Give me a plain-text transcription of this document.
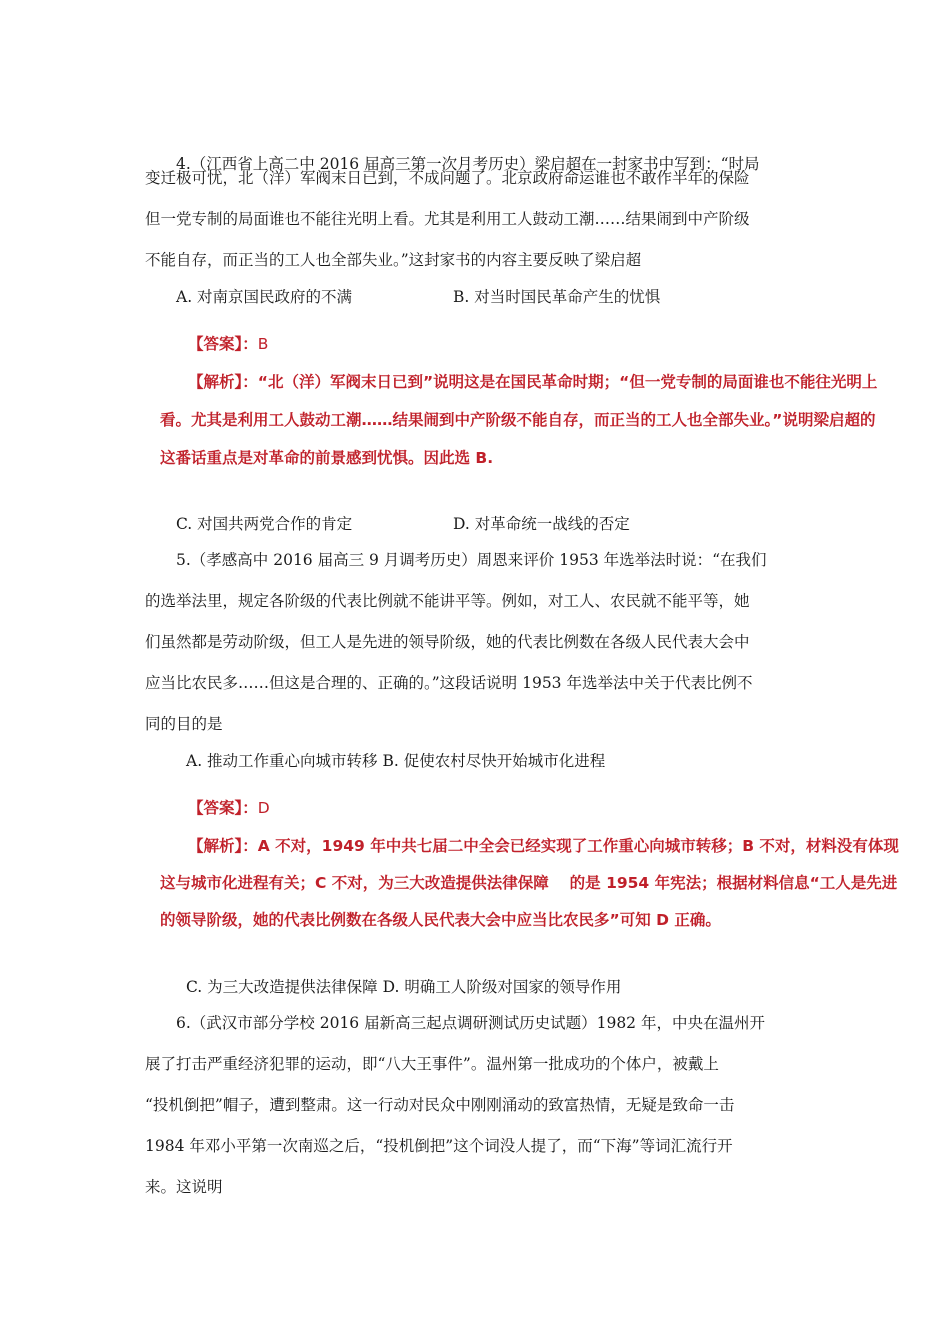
4.（江西省上高二中 2016 届高三第一次月考历史）梁启超在一封家书中写到：“时局
变迁极可忧，北（洋）军阀末日已到，不成问题了。北京政府命运谁也不敢作半年的保险
但一党专制的局面谁也不能往光明上看。尤其是利用工人鼓动工潮……结果闹到中产阶级
不能自存，而正当的工人也全部失业。”这封家书的内容主要反映了梁启超
A. 对南京国民政府的不满	B. 对当时国民革命产生的忧惧
【答案】：B
【解析】：“北（洋）军阀末日已到”说明这是在国民革命时期；“但一党专制的局面谁也不能往光明上
看。尤其是利用工人鼓动工潮……结果闹到中产阶级不能自存，而正当的工人也全部失业。”说明梁启超的
这番话重点是对革命的前景感到忧惧。因此选 B.
C. 对国共两党合作的肯定	D. 对革命统一战线的否定
5.（孝感高中 2016 届高三 9 月调考历史）周恩来评价 1953 年选举法时说：“在我们
的选举法里，规定各阶级的代表比例就不能讲平等。例如，对工人、农民就不能平等，她
们虽然都是劳动阶级，但工人是先进的领导阶级，她的代表比例数在各级人民代表大会中
应当比农民多……但这是合理的、正确的。”这段话说明 1953 年选举法中关于代表比例不
同的目的是
A. 推动工作重心向城市转移 B. 促使农村尽快开始城市化进程
【答案】：D
【解析】：A 不对，1949 年中共七届二中全会已经实现了工作重心向城市转移；B 不对，材料没有体现
这与城市化进程有关；C 不对，为三大改造提供法律保障　 的是 1954 年宪法；根据材料信息“工人是先进
的领导阶级，她的代表比例数在各级人民代表大会中应当比农民多”可知 D 正确。
C. 为三大改造提供法律保障 D. 明确工人阶级对国家的领导作用
6.（武汉市部分学校 2016 届新高三起点调研测试历史试题）1982 年，中央在温州开
展了打击严重经济犯罪的运动，即“八大王事件”。温州第一批成功的个体户，被戴上
“投机倒把”帽子，遭到整肃。这一行动对民众中刚刚涌动的致富热情，无疑是致命一击
1984 年邓小平第一次南巡之后，“投机倒把”这个词没人提了，而“下海”等词汇流行开
来。这说明
